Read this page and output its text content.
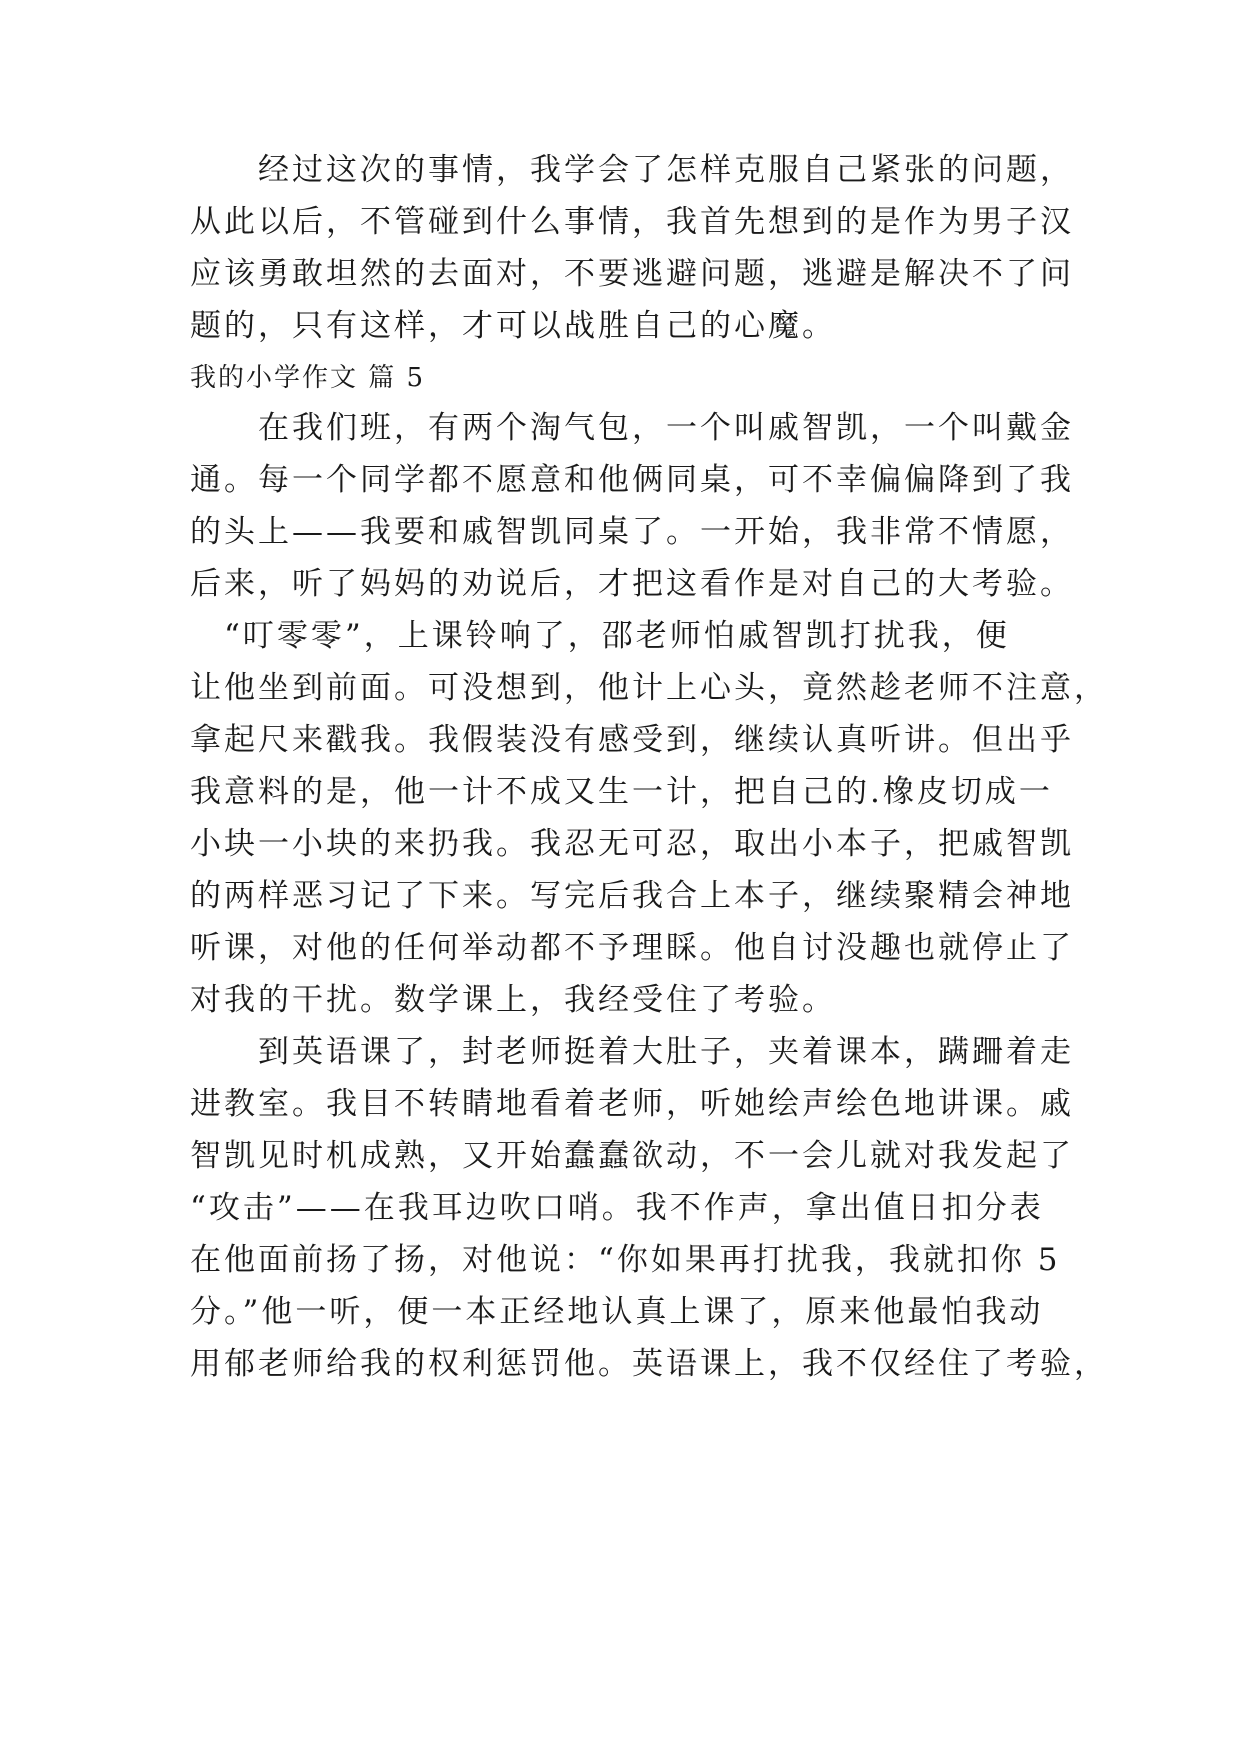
　　经过这次的事情，我学会了怎样克服自己紧张的问题，
从此以后，不管碰到什么事情，我首先想到的是作为男子汉
应该勇敢坦然的去面对，不要逃避问题，逃避是解决不了问
题的，只有这样，才可以战胜自己的心魔。
我的小学作文 篇 5
　　在我们班，有两个淘气包，一个叫戚智凯，一个叫戴金
通。每一个同学都不愿意和他俩同桌，可不幸偏偏降到了我
的头上——我要和戚智凯同桌了。一开始，我非常不情愿，
后来，听了妈妈的劝说后，才把这看作是对自己的大考验。
　“叮零零”，上课铃响了，邵老师怕戚智凯打扰我，便
让他坐到前面。可没想到，他计上心头，竟然趁老师不注意，
拿起尺来戳我。我假装没有感受到，继续认真听讲。但出乎
我意料的是，他一计不成又生一计，把自己的.橡皮切成一
小块一小块的来扔我。我忍无可忍，取出小本子，把戚智凯
的两样恶习记了下来。写完后我合上本子，继续聚精会神地
听课，对他的任何举动都不予理睬。他自讨没趣也就停止了
对我的干扰。数学课上，我经受住了考验。
　　到英语课了，封老师挺着大肚子，夹着课本，蹒跚着走
进教室。我目不转睛地看着老师，听她绘声绘色地讲课。戚
智凯见时机成熟，又开始蠢蠢欲动，不一会儿就对我发起了
“攻击”——在我耳边吹口哨。我不作声，拿出值日扣分表
在他面前扬了扬，对他说：“你如果再打扰我，我就扣你 5
分。”他一听，便一本正经地认真上课了，原来他最怕我动
用郁老师给我的权利惩罚他。英语课上，我不仅经住了考验，
